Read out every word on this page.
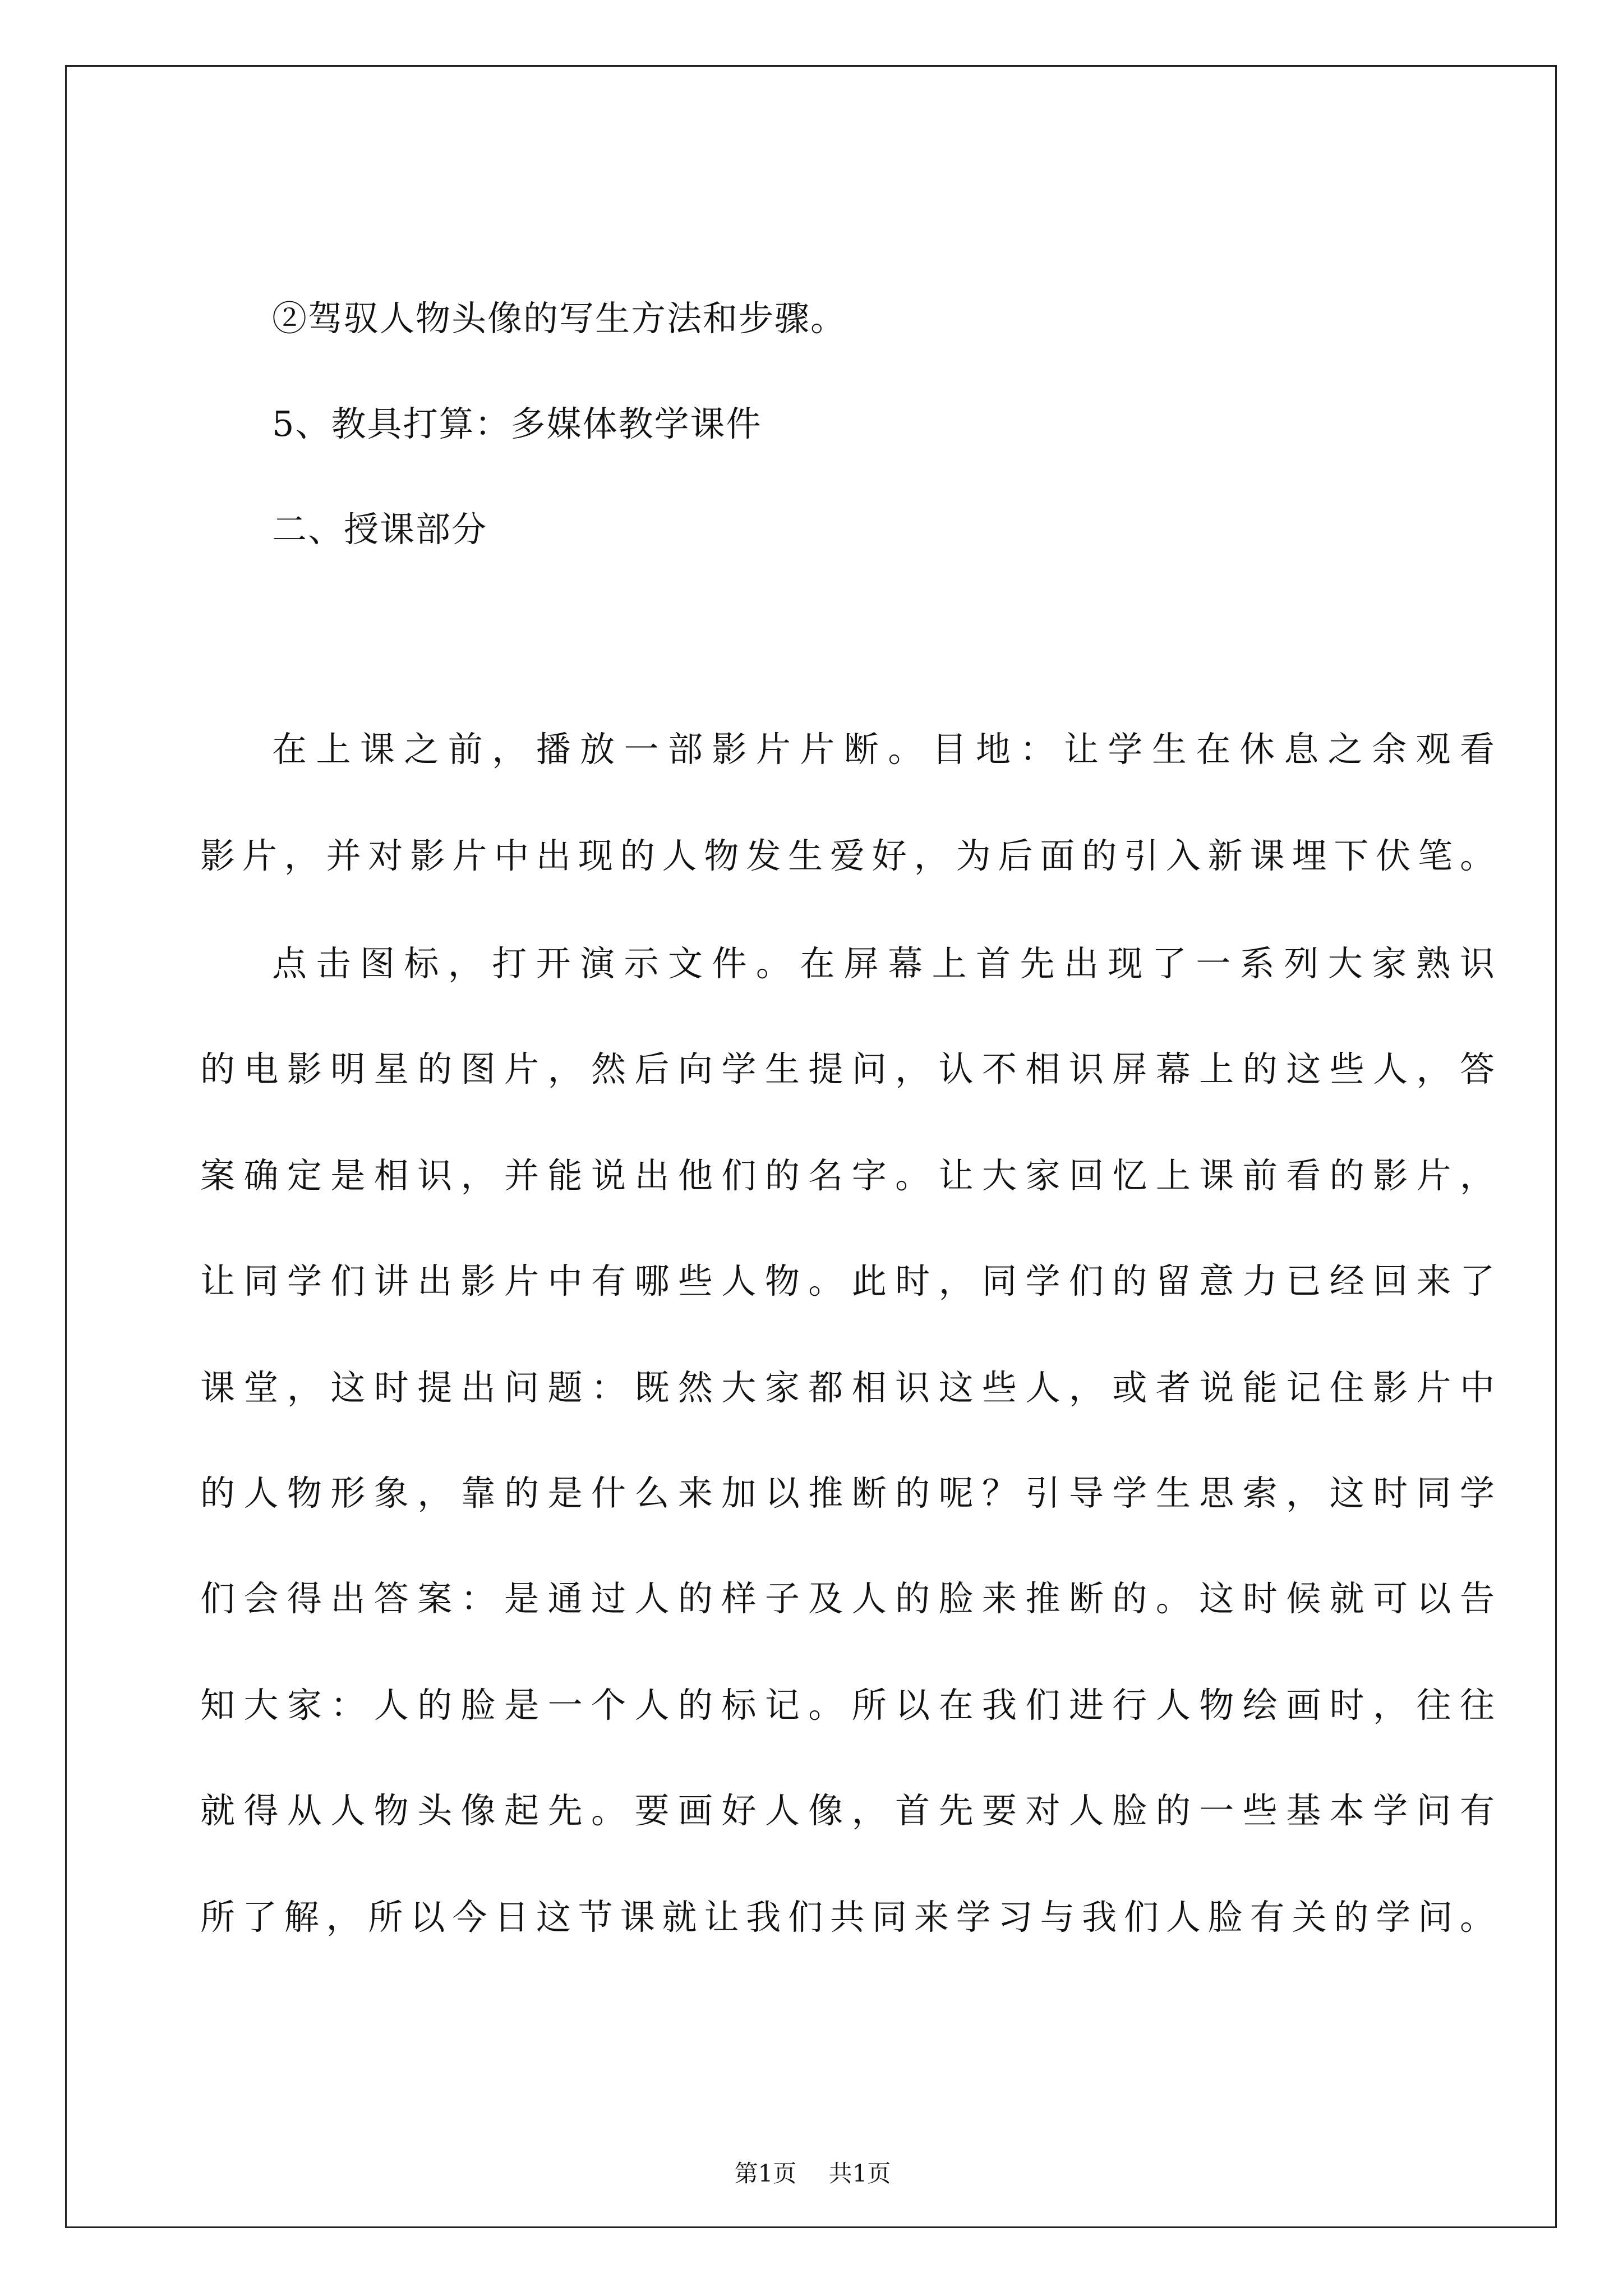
②驾驭人物头像的写生方法和步骤。
5、教具打算：多媒体教学课件
二、授课部分
在上课之前，播放一部影片片断。目地：让学生在休息之余观看
影片，并对影片中出现的人物发生爱好，为后面的引入新课埋下伏笔。
点击图标，打开演示文件。在屏幕上首先出现了一系列大家熟识
的电影明星的图片，然后向学生提问，认不相识屏幕上的这些人，答
案确定是相识，并能说出他们的名字。让大家回忆上课前看的影片，
让同学们讲出影片中有哪些人物。此时，同学们的留意力已经回来了
课堂，这时提出问题：既然大家都相识这些人，或者说能记住影片中
的人物形象，靠的是什么来加以推断的呢？引导学生思索，这时同学
们会得出答案：是通过人的样子及人的脸来推断的。这时候就可以告
知大家：人的脸是一个人的标记。所以在我们进行人物绘画时，往往
就得从人物头像起先。要画好人像，首先要对人脸的一些基本学问有
所了解，所以今日这节课就让我们共同来学习与我们人脸有关的学问。
第1页 共1页
